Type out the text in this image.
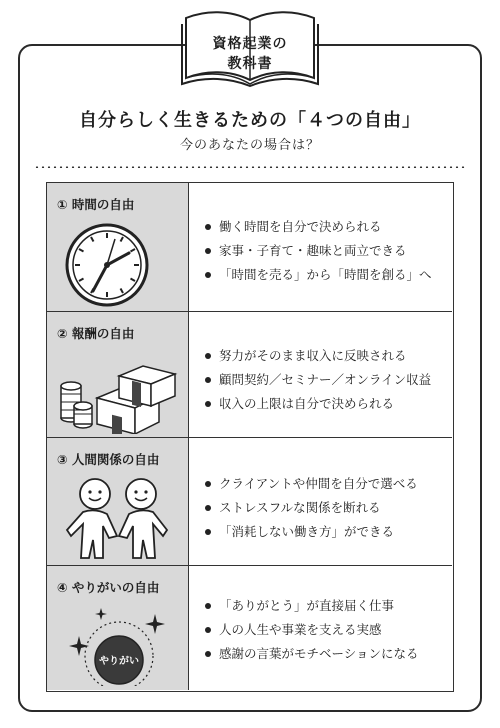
資格起業の
教科書
自分らしく生きるための「４つの自由」
今のあなたの場合は？
① 時間の自由
働く時間を自分で決められる
家事・子育て・趣味と両立できる
「時間を売る」から「時間を創る」へ
② 報酬の自由
努力がそのまま収入に反映される
顧問契約／セミナー／オンライン収益
収入の上限は自分で決められる
③ 人間関係の自由
クライアントや仲間を自分で選べる
ストレスフルな関係を断れる
「消耗しない働き方」ができる
④ やりがいの自由
やりがい
「ありがとう」が直接届く仕事
人の人生や事業を支える実感
感謝の言葉がモチベーションになる
